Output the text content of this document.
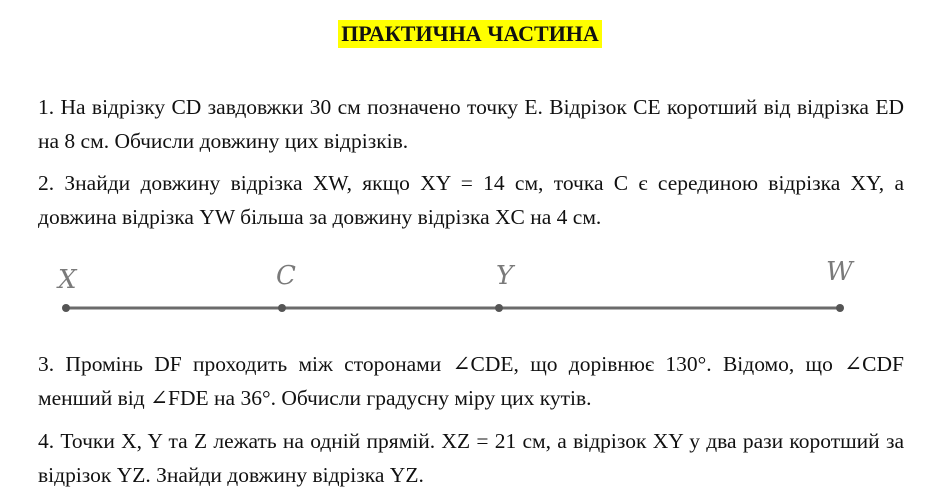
ПРАКТИЧНА ЧАСТИНА

1. На відрізку CD завдовжки 30 см позначено точку E. Відрізок CE коротший від відрізка ED на 8 см. Обчисли довжину цих відрізків.

2. Знайди довжину відрізка XW, якщо XY = 14 см, точка C є серединою відрізка XY, а довжина відрізка YW більша за довжину відрізка XC на 4 см.

X	C	Y	W

3. Промінь DF проходить між сторонами ∠CDE, що дорівнює 130°. Відомо, що ∠CDF менший від ∠FDE на 36°. Обчисли градусну міру цих кутів.

4. Точки X, Y та Z лежать на одній прямій. XZ = 21 см, а відрізок XY у два рази коротший за відрізок YZ. Знайди довжину відрізка YZ.
